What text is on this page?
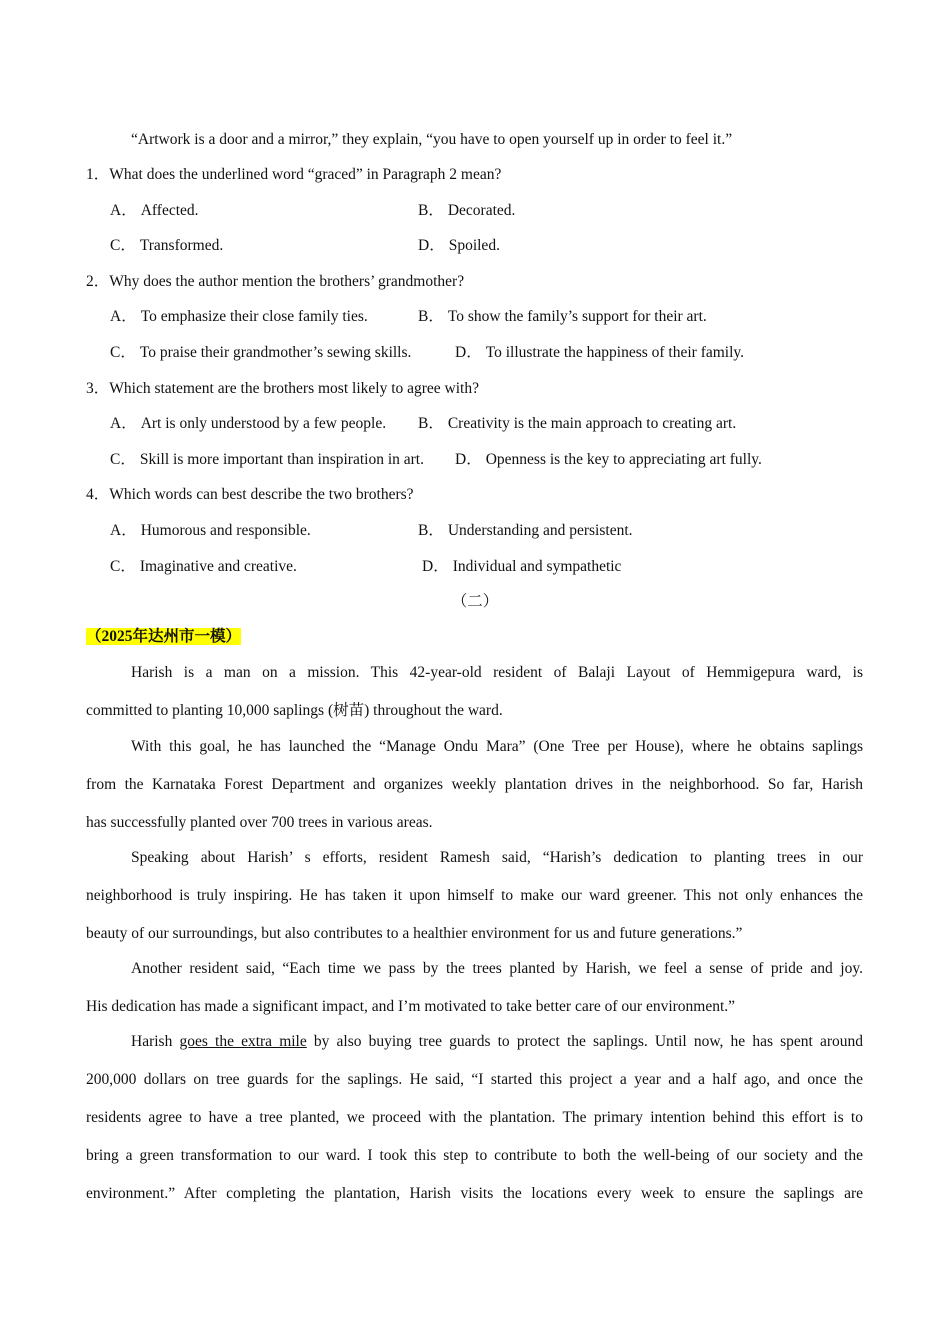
“Artwork is a door and a mirror,” they explain, “you have to open yourself up in order to feel it.”
1．What does the underlined word “graced” in Paragraph 2 mean?
A． Affected.	B． Decorated.
C． Transformed.	D． Spoiled.
2．Why does the author mention the brothers’ grandmother?
A． To emphasize their close family ties.	B． To show the family’s support for their art.
C． To praise their grandmother’s sewing skills.	D． To illustrate the happiness of their family.
3．Which statement are the brothers most likely to agree with?
A． Art is only understood by a few people. B． Creativity is the main approach to creating art.
C． Skill is more important than inspiration in art. D． Openness is the key to appreciating art fully.
4．Which words can best describe the two brothers?
A． Humorous and responsible.	B． Understanding and persistent.
C． Imaginative and creative.	D． Individual and sympathetic
（二）
（2025年达州市一模）
Harish is a man on a mission. This 42-year-old resident of Balaji Layout of Hemmigepura ward, is
committed to planting 10,000 saplings (树苗) throughout the ward.
With this goal, he has launched the “Manage Ondu Mara” (One Tree per House), where he obtains saplings
from the Karnataka Forest Department and organizes weekly plantation drives in the neighborhood. So far, Harish
has successfully planted over 700 trees in various areas.
Speaking about Harish’ s efforts, resident Ramesh said, “Harish’s dedication to planting trees in our
neighborhood is truly inspiring. He has taken it upon himself to make our ward greener. This not only enhances the
beauty of our surroundings, but also contributes to a healthier environment for us and future generations.”
Another resident said, “Each time we pass by the trees planted by Harish, we feel a sense of pride and joy.
His dedication has made a significant impact, and I’m motivated to take better care of our environment.”
Harish goes the extra mile by also buying tree guards to protect the saplings. Until now, he has spent around
200,000 dollars on tree guards for the saplings. He said, “I started this project a year and a half ago, and once the
residents agree to have a tree planted, we proceed with the plantation. The primary intention behind this effort is to
bring a green transformation to our ward. I took this step to contribute to both the well-being of our society and the
environment.” After completing the plantation, Harish visits the locations every week to ensure the saplings are
